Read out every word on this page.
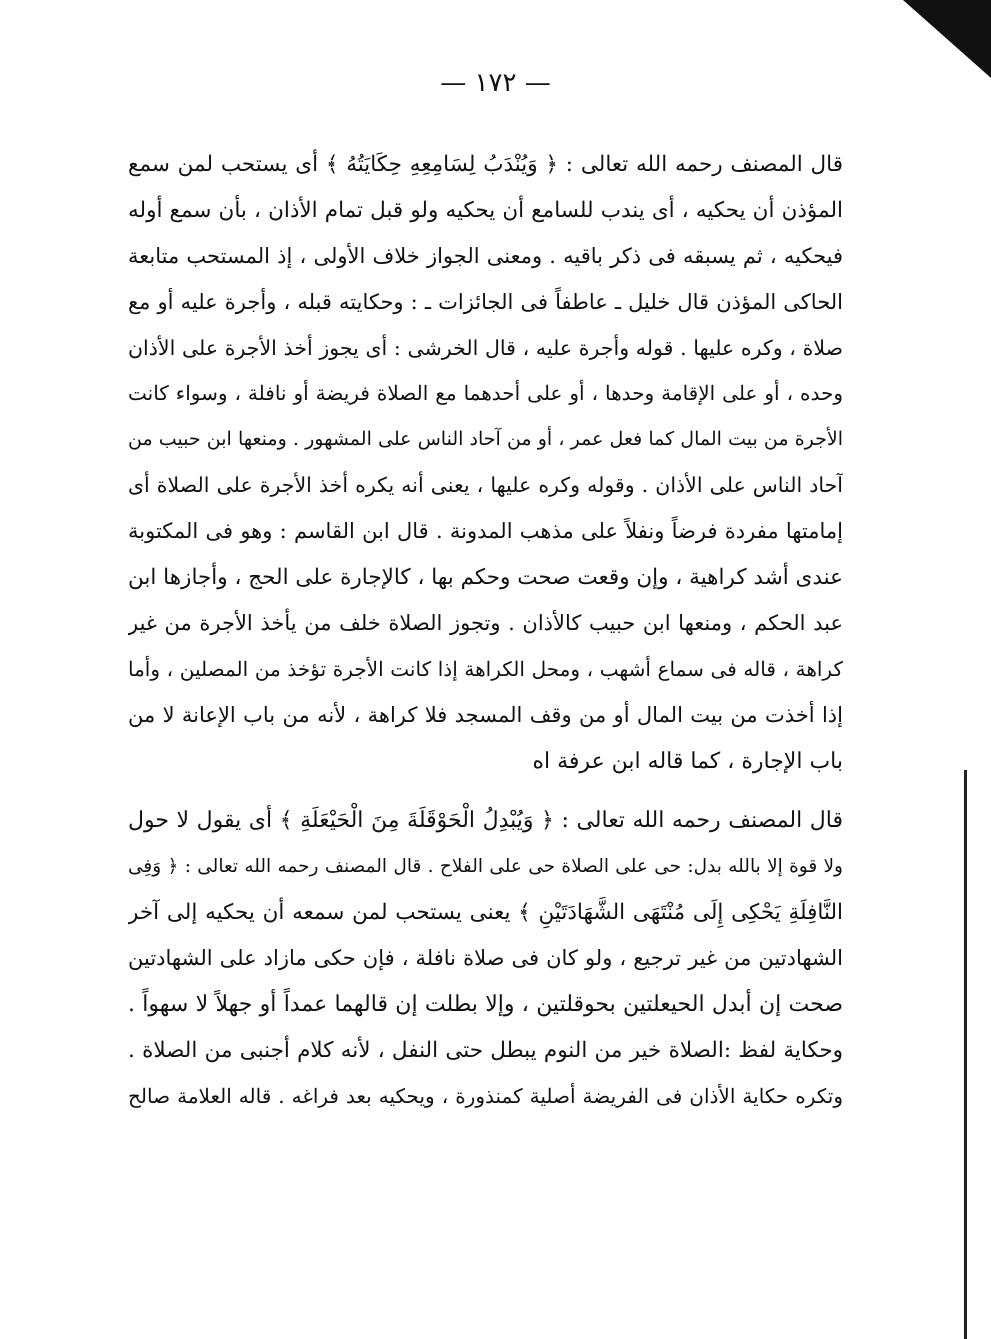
— ١٧٢ —
قال المصنف رحمه الله تعالى : ﴿ وَيُنْدَبُ لِسَامِعِهِ حِكَايَتُهُ ﴾ أى يستحب لمن سمع
المؤذن أن يحكيه ، أى يندب للسامع أن يحكيه ولو قبل تمام الأذان ، بأن سمع أوله
فيحكيه ، ثم يسبقه فى ذكر باقيه . ومعنى الجواز خلاف الأولى ، إذ المستحب متابعة
الحاكى المؤذن قال خليل ـ عاطفاً فى الجائزات ـ : وحكايته قبله ، وأجرة عليه أو مع
صلاة ، وكره عليها . قوله وأجرة عليه ، قال الخرشى : أى يجوز أخذ الأجرة على الأذان
وحده ، أو على الإقامة وحدها ، أو على أحدهما مع الصلاة فريضة أو نافلة ، وسواء كانت
الأجرة من بيت المال كما فعل عمر ، أو من آحاد الناس على المشهور . ومنعها ابن حبيب من
آحاد الناس على الأذان . وقوله وكره عليها ، يعنى أنه يكره أخذ الأجرة على الصلاة أى
إمامتها مفردة فرضاً ونفلاً على مذهب المدونة . قال ابن القاسم : وهو فى المكتوبة
عندى أشد كراهية ، وإن وقعت صحت وحكم بها ، كالإجارة على الحج ، وأجازها ابن
عبد الحكم ، ومنعها ابن حبيب كالأذان . وتجوز الصلاة خلف من يأخذ الأجرة من غير
كراهة ، قاله فى سماع أشهب ، ومحل الكراهة إذا كانت الأجرة تؤخذ من المصلين ، وأما
إذا أخذت من بيت المال أو من وقف المسجد فلا كراهة ، لأنه من باب الإعانة لا من
باب الإجارة ، كما قاله ابن عرفة اه
قال المصنف رحمه الله تعالى : ﴿ وَيُبْدِلُ الْحَوْقَلَةَ مِنَ الْحَيْعَلَةِ ﴾ أى يقول لا حول
ولا قوة إلا بالله بدل: حى على الصلاة حى على الفلاح . قال المصنف رحمه الله تعالى : ﴿ وَفِى
النَّافِلَةِ يَحْكِى إِلَى مُنْتَهَى الشَّهَادَتَيْنِ ﴾ يعنى يستحب لمن سمعه أن يحكيه إلى آخر
الشهادتين من غير ترجيع ، ولو كان فى صلاة نافلة ، فإن حكى مازاد على الشهادتين
صحت إن أبدل الحيعلتين بحوقلتين ، وإلا بطلت إن قالهما عمداً أو جهلاً لا سهواً .
وحكاية لفظ :الصلاة خير من النوم يبطل حتى النفل ، لأنه كلام أجنبى من الصلاة .
وتكره حكاية الأذان فى الفريضة أصلية كمنذورة ، ويحكيه بعد فراغه . قاله العلامة صالح
